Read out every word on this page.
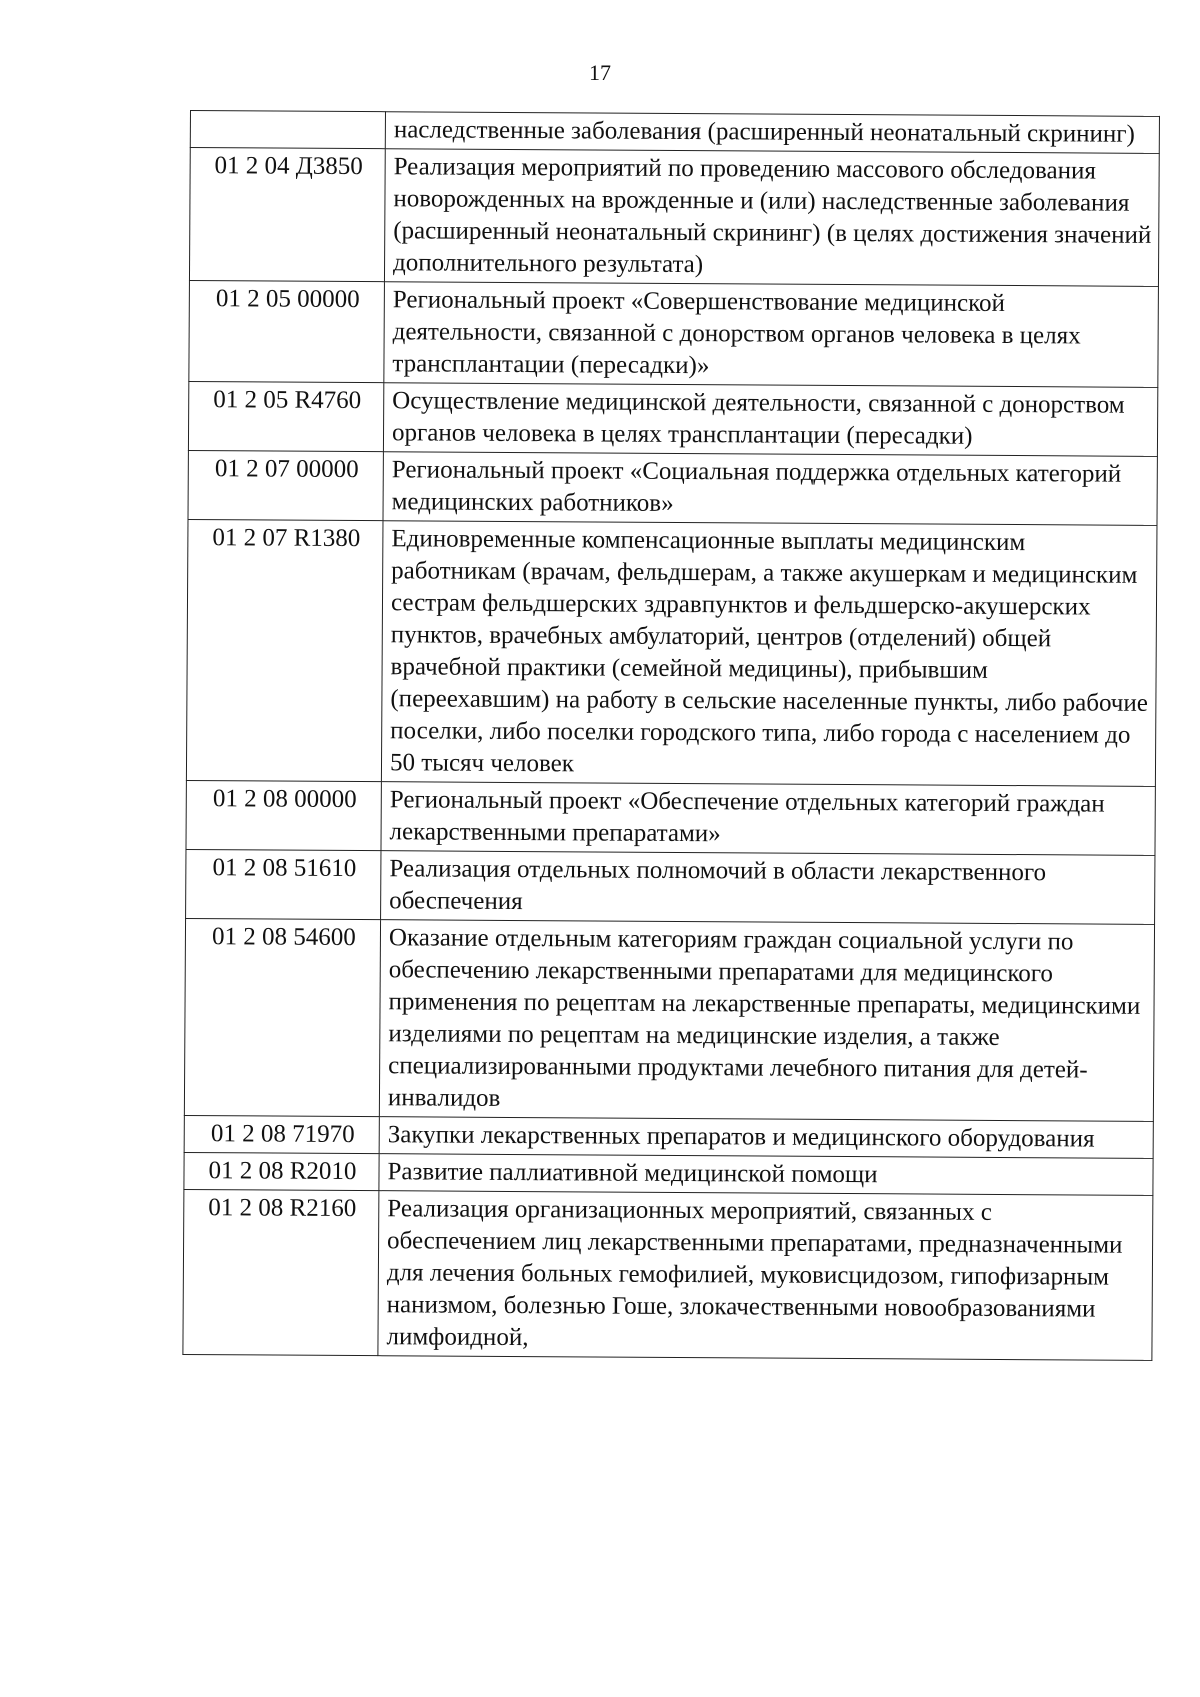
17
	наследственные заболевания (расширенный неонатальный скрининг)
01 2 04 Д3850	Реализация мероприятий по проведению массового обследования новорожденных на врожденные и (или) наследственные заболевания (расширенный неонатальный скрининг) (в целях достижения значений дополнительного результата)
01 2 05 00000	Региональный проект «Совершенствование медицинской деятельности, связанной с донорством органов человека в целях трансплантации (пересадки)»
01 2 05 R4760	Осуществление медицинской деятельности, связанной с донорством органов человека в целях трансплантации (пересадки)
01 2 07 00000	Региональный проект «Социальная поддержка отдельных категорий медицинских работников»
01 2 07 R1380	Единовременные компенсационные выплаты медицинским работникам (врачам, фельдшерам, а также акушеркам и медицинским сестрам фельдшерских здравпунктов и фельдшерско-акушерских пунктов, врачебных амбулаторий, центров (отделений) общей врачебной практики (семейной медицины), прибывшим (переехавшим) на работу в сельские населенные пункты, либо рабочие поселки, либо поселки городского типа, либо города с населением до 50 тысяч человек
01 2 08 00000	Региональный проект «Обеспечение отдельных категорий граждан лекарственными препаратами»
01 2 08 51610	Реализация отдельных полномочий в области лекарственного обеспечения
01 2 08 54600	Оказание отдельным категориям граждан социальной услуги по обеспечению лекарственными препаратами для медицинского применения по рецептам на лекарственные препараты, медицинскими изделиями по рецептам на медицинские изделия, а также специализированными продуктами лечебного питания для детей-инвалидов
01 2 08 71970	Закупки лекарственных препаратов и медицинского оборудования
01 2 08 R2010	Развитие паллиативной медицинской помощи
01 2 08 R2160	Реализация организационных мероприятий, связанных с обеспечением лиц лекарственными препаратами, предназначенными для лечения больных гемофилией, муковисцидозом, гипофизарным нанизмом, болезнью Гоше, злокачественными новообразованиями лимфоидной,
